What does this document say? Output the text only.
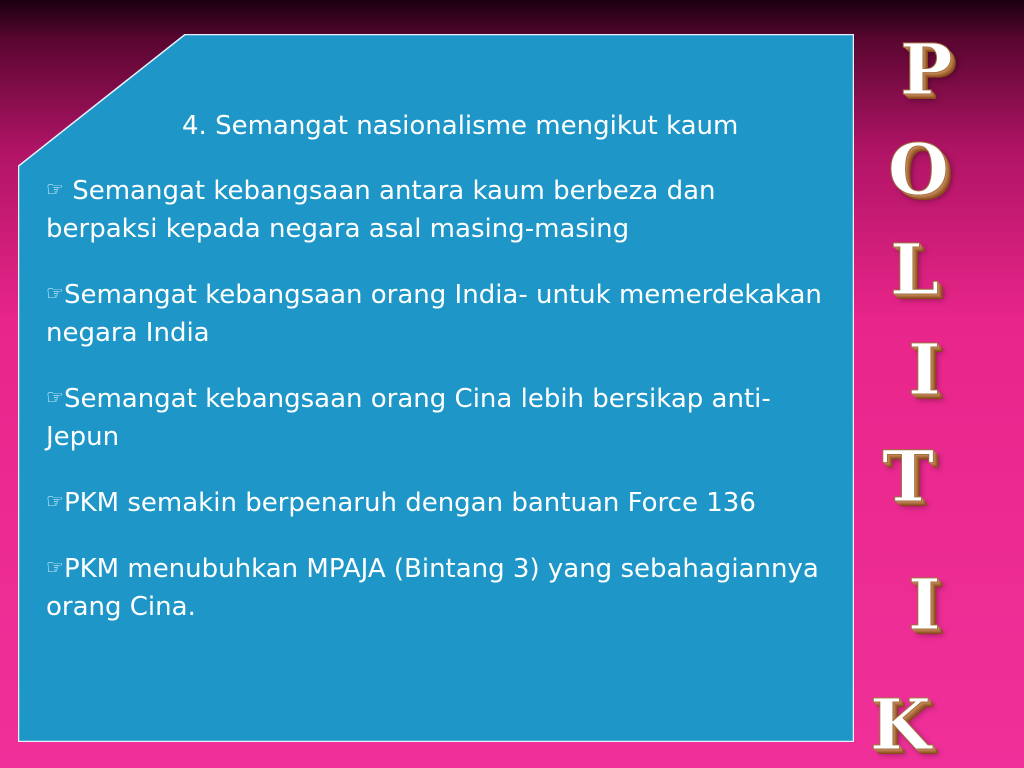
4. Semangat nasionalisme mengikut kaum
☞ Semangat kebangsaan antara kaum berbeza dan berpaksi kepada negara asal masing-masing
☞Semangat kebangsaan orang India- untuk memerdekakan negara India
☞Semangat kebangsaan orang Cina lebih bersikap anti-Jepun
☞PKM semakin berpenaruh dengan bantuan Force 136
☞PKM menubuhkan MPAJA (Bintang 3) yang sebahagiannya orang Cina.
P
O
L
I
T
I
K
